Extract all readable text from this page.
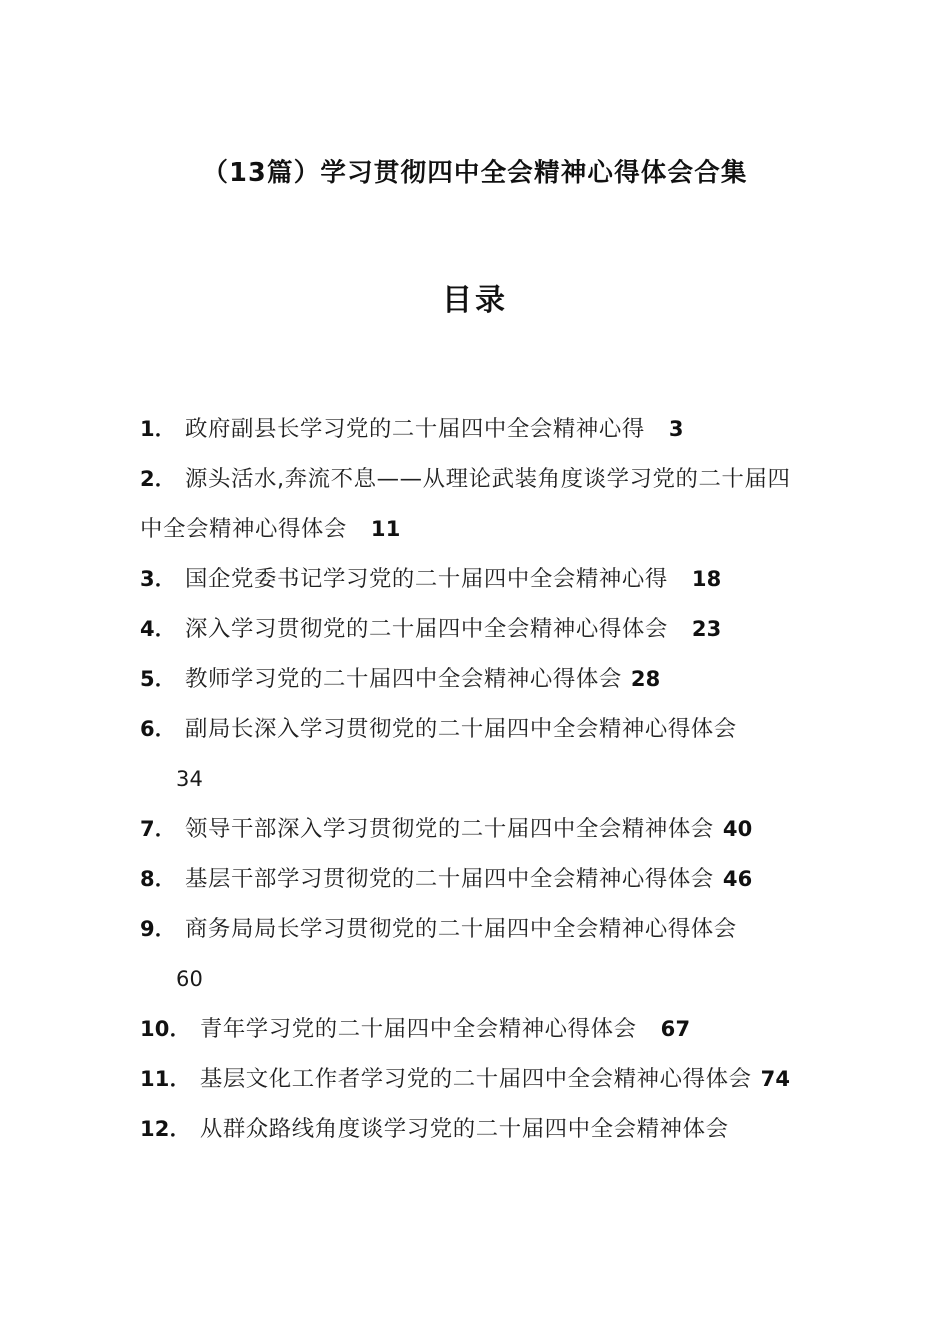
（13篇）学习贯彻四中全会精神心得体会合集
目录
1． 政府副县长学习党的二十届四中全会精神心得 3
2． 源头活水,奔流不息——从理论武装角度谈学习党的二十届四中全会精神心得体会 11
3． 国企党委书记学习党的二十届四中全会精神心得 18
4． 深入学习贯彻党的二十届四中全会精神心得体会 23
5． 教师学习党的二十届四中全会精神心得体会 28
6． 副局长深入学习贯彻党的二十届四中全会精神心得体会
34
7． 领导干部深入学习贯彻党的二十届四中全会精神体会 40
8． 基层干部学习贯彻党的二十届四中全会精神心得体会 46
9． 商务局局长学习贯彻党的二十届四中全会精神心得体会
60
10． 青年学习党的二十届四中全会精神心得体会 67
11． 基层文化工作者学习党的二十届四中全会精神心得体会 74
12． 从群众路线角度谈学习党的二十届四中全会精神体会
